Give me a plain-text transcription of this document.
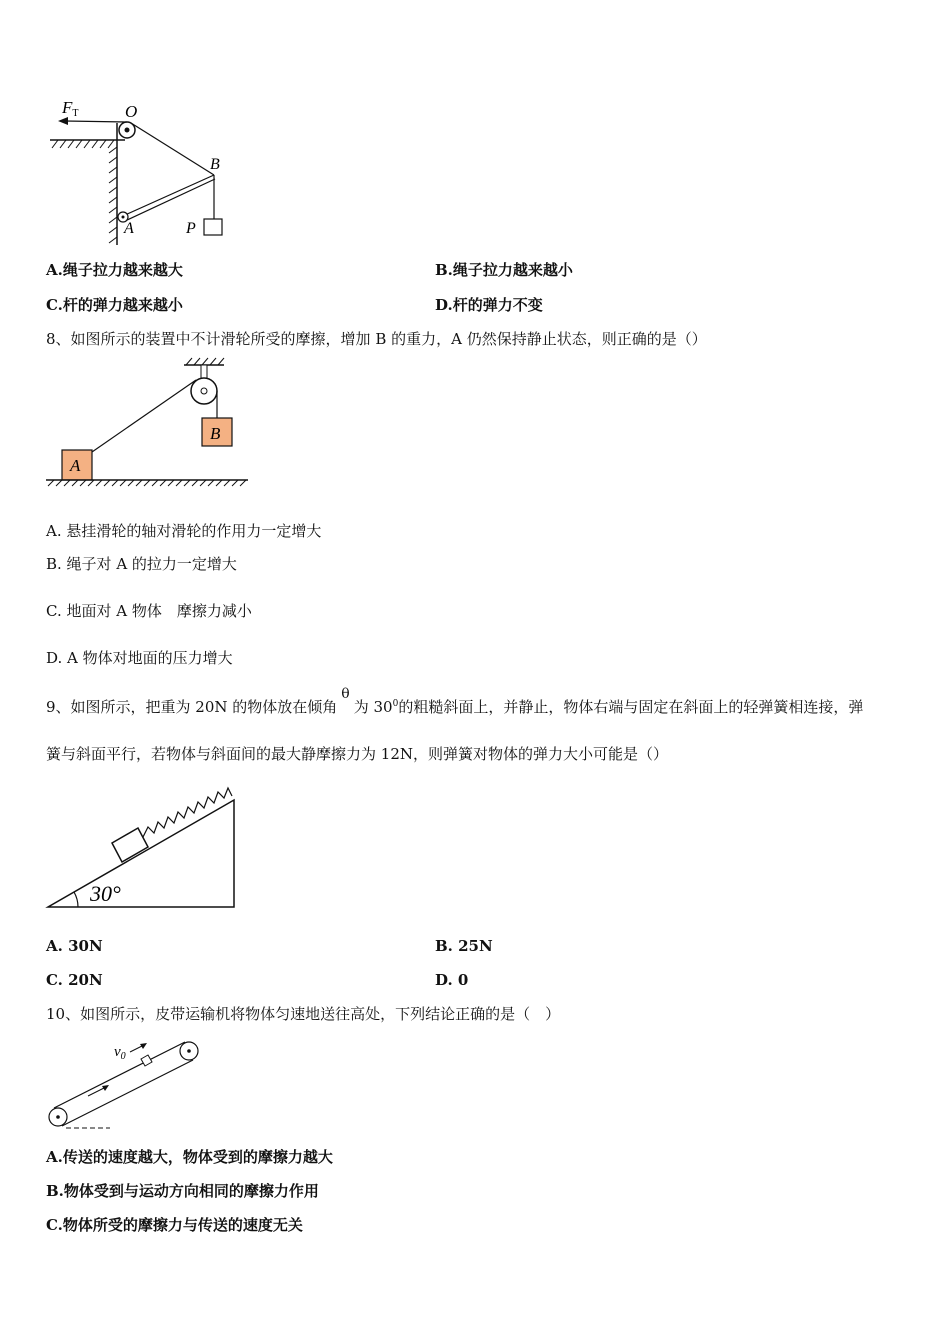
FT	O
B
A	P
A.绳子拉力越来越大	B.绳子拉力越来越小
C.杆的弹力越来越小	D.杆的弹力不变
8、如图所示的装置中不计滑轮所受的摩擦，增加 B 的重力，A 仍然保持静止状态，则正确的是（）
B
A
A. 悬挂滑轮的轴对滑轮的作用力一定增大
B. 绳子对 A 的拉力一定增大
C. 地面对 A 物体　摩擦力减小
D. A 物体对地面的压力增大
9、如图所示，把重为 20N 的物体放在倾角θ为 $30^0$的粗糙斜面上，并静止，物体右端与固定在斜面上的轻弹簧相连接，弹
簧与斜面平行，若物体与斜面间的最大静摩擦力为 12N，则弹簧对物体的弹力大小可能是（）
30°
A. 30N	B. 25N
C. 20N	D. 0
10、如图所示，皮带运输机将物体匀速地送往高处，下列结论正确的是（　）
$v_0$
A.传送的速度越大，物体受到的摩擦力越大
B.物体受到与运动方向相同的摩擦力作用
C.物体所受的摩擦力与传送的速度无关
